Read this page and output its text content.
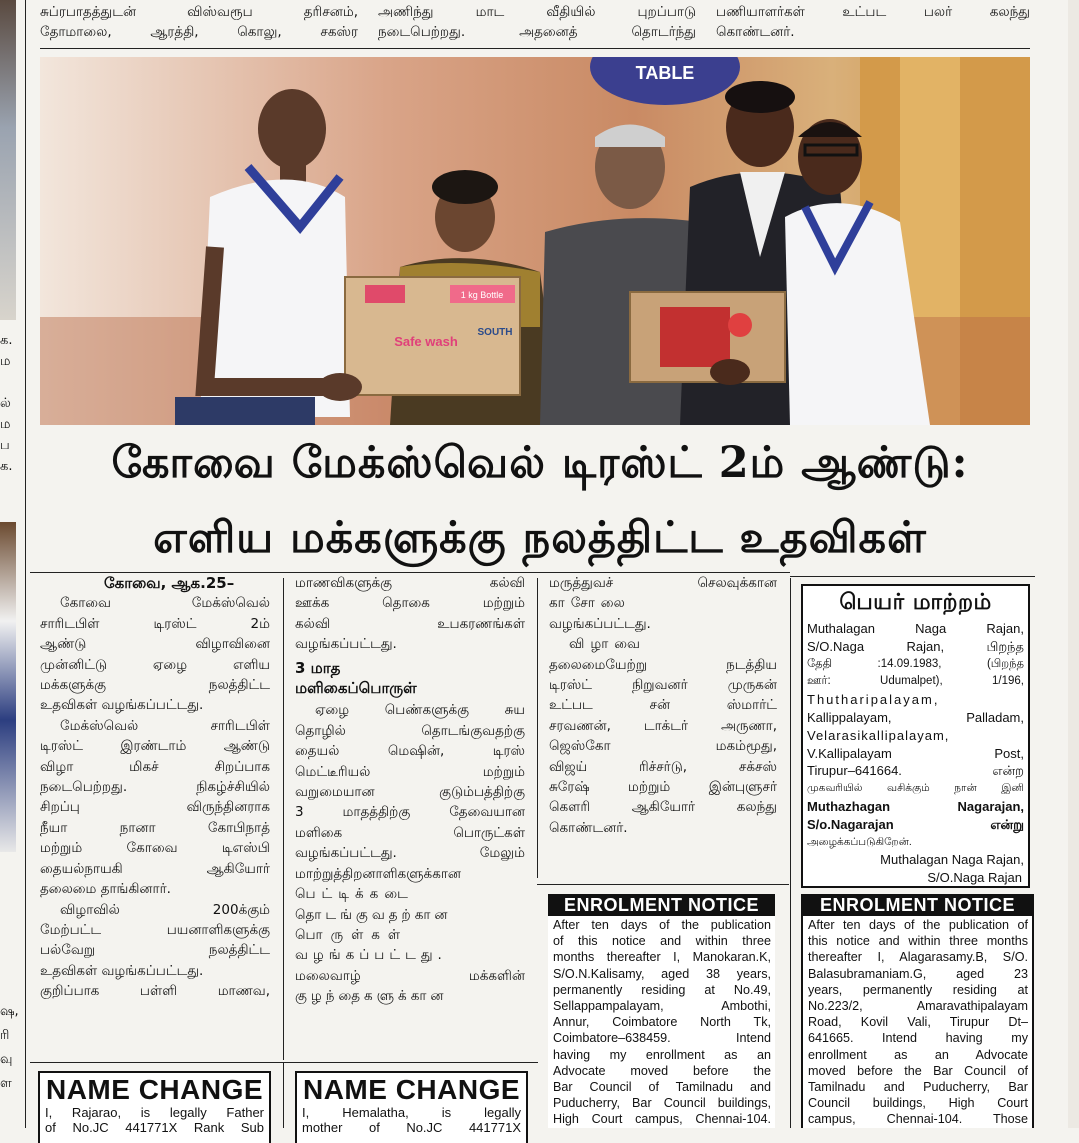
க.
ம
ல்
ம
ப
க.
ஷ,
ரி
வு
ள
சுப்ரபாதத்துடன் விஸ்வரூப தரிசனம்,
தோமாலை, ஆரத்தி, கொலு, சகஸ்ர
அணிந்து மாட வீதியில் புறப்பாடு
நடைபெற்றது. அதனைத் தொடர்ந்து
பணியாளர்கள் உட்பட பலர் கலந்து
கொண்டனர்.
TABLE
1 kg Bottle
Safe wash
SOUTH
கோவை மேக்ஸ்வெல் டிரஸ்ட் 2ம் ஆண்டு:
எளிய மக்களுக்கு நலத்திட்ட உதவிகள்
கோவை, ஆக.25–
கோவை மேக்ஸ்வெல்
சாரிடபிள் டிரஸ்ட் 2ம்
ஆண்டு விழாவினை
முன்னிட்டு ஏழை எளிய
மக்களுக்கு நலத்திட்ட
உதவிகள் வழங்கப்பட்டது.
மேக்ஸ்வெல் சாரிடபிள்
டிரஸ்ட் இரண்டாம் ஆண்டு
விழா மிகச் சிறப்பாக
நடைபெற்றது. நிகழ்ச்சியில்
சிறப்பு விருந்தினராக
நீயா நானா கோபிநாத்
மற்றும் கோவை டிஎஸ்பி
தையல்நாயகி ஆகியோர்
தலைமை தாங்கினார்.
விழாவில் 200க்கும்
மேற்பட்ட பயனாளிகளுக்கு
பல்வேறு நலத்திட்ட
உதவிகள் வழங்கப்பட்டது.
குறிப்பாக பள்ளி மாணவ,
மாணவிகளுக்கு கல்வி
ஊக்க தொகை மற்றும்
கல்வி உபகரணங்கள்
வழங்கப்பட்டது.
3 மாத
மளிகைப்பொருள்
ஏழை பெண்களுக்கு சுய
தொழில் தொடங்குவதற்கு
தையல் மெஷின், டிரஸ்
மெட்டீரியல் மற்றும்
வறுமையான குடும்பத்திற்கு
3 மாதத்திற்கு தேவையான
மளிகை பொருட்கள்
வழங்கப்பட்டது. மேலும்
மாற்றுத்திறனாளிகளுக்கான
பெட்டிக்கடை
தொடங்குவதற்கான
பொருள்கள்
வழங்கப்பட்டது.
மலைவாழ் மக்களின்
குழந்தைகளுக்கான
மருத்துவச் செலவுக்கான
காசோலை
வழங்கப்பட்டது.
விழாவை
தலைமையேற்று நடத்திய
டிரஸ்ட் நிறுவனர் முருகன்
உட்பட சன் ஸ்மார்ட்
சரவணன், டாக்டர் அருணா,
ஜெஸ்கோ மகம்மூது,
விஜய் ரிச்சர்டு, சக்சஸ்
சுரேஷ் மற்றும் இன்புளுசர்
கௌரி ஆகியோர் கலந்து
கொண்டனர்.
பெயர் மாற்றம்
Muthalagan Naga Rajan,
S/O.Naga Rajan, பிறந்த
தேதி :14.09.1983, (பிறந்த
ஊர்: Udumalpet), 1/196,
Thutharipalayam,
Kallippalayam, Palladam,
Velarasikallipalayam,
V.Kallipalayam Post,
Tirupur–641664. என்ற
முகவரியில் வசிக்கும் நான் இனி
Muthazhagan Nagarajan,
S/o.Nagarajan என்று
அழைக்கப்படுகிறேன்.
Muthalagan Naga Rajan,
S/O.Naga Rajan
ENROLMENT NOTICE
After ten days of the publication
of this notice and within three
months thereafter I, Manokaran.K,
S/O.N.Kalisamy, aged 38 years,
permanently residing at No.49,
Sellappampalayam, Ambothi,
Annur, Coimbatore North Tk,
Coimbatore–638459. Intend
having my enrollment as an
Advocate moved before the
Bar Council of Tamilnadu and
Puducherry, Bar Council buildings,
High Court campus, Chennai-104.
ENROLMENT NOTICE
After ten days of the publication of
this notice and within three months
thereafter I, Alagarasamy.B, S/O.
Balasubramaniam.G, aged 23
years, permanently residing at
No.223/2, Amaravathipalayam
Road, Kovil Vali, Tirupur Dt–
641665. Intend having my
enrollment as an Advocate
moved before the Bar Council of
Tamilnadu and Puducherry, Bar
Council buildings, High Court
campus, Chennai-104. Those
NAME CHANGE
I, Rajarao, is legally Father
of No.JC 441771X Rank Sub
NAME CHANGE
I, Hemalatha, is legally
mother of No.JC 441771X
